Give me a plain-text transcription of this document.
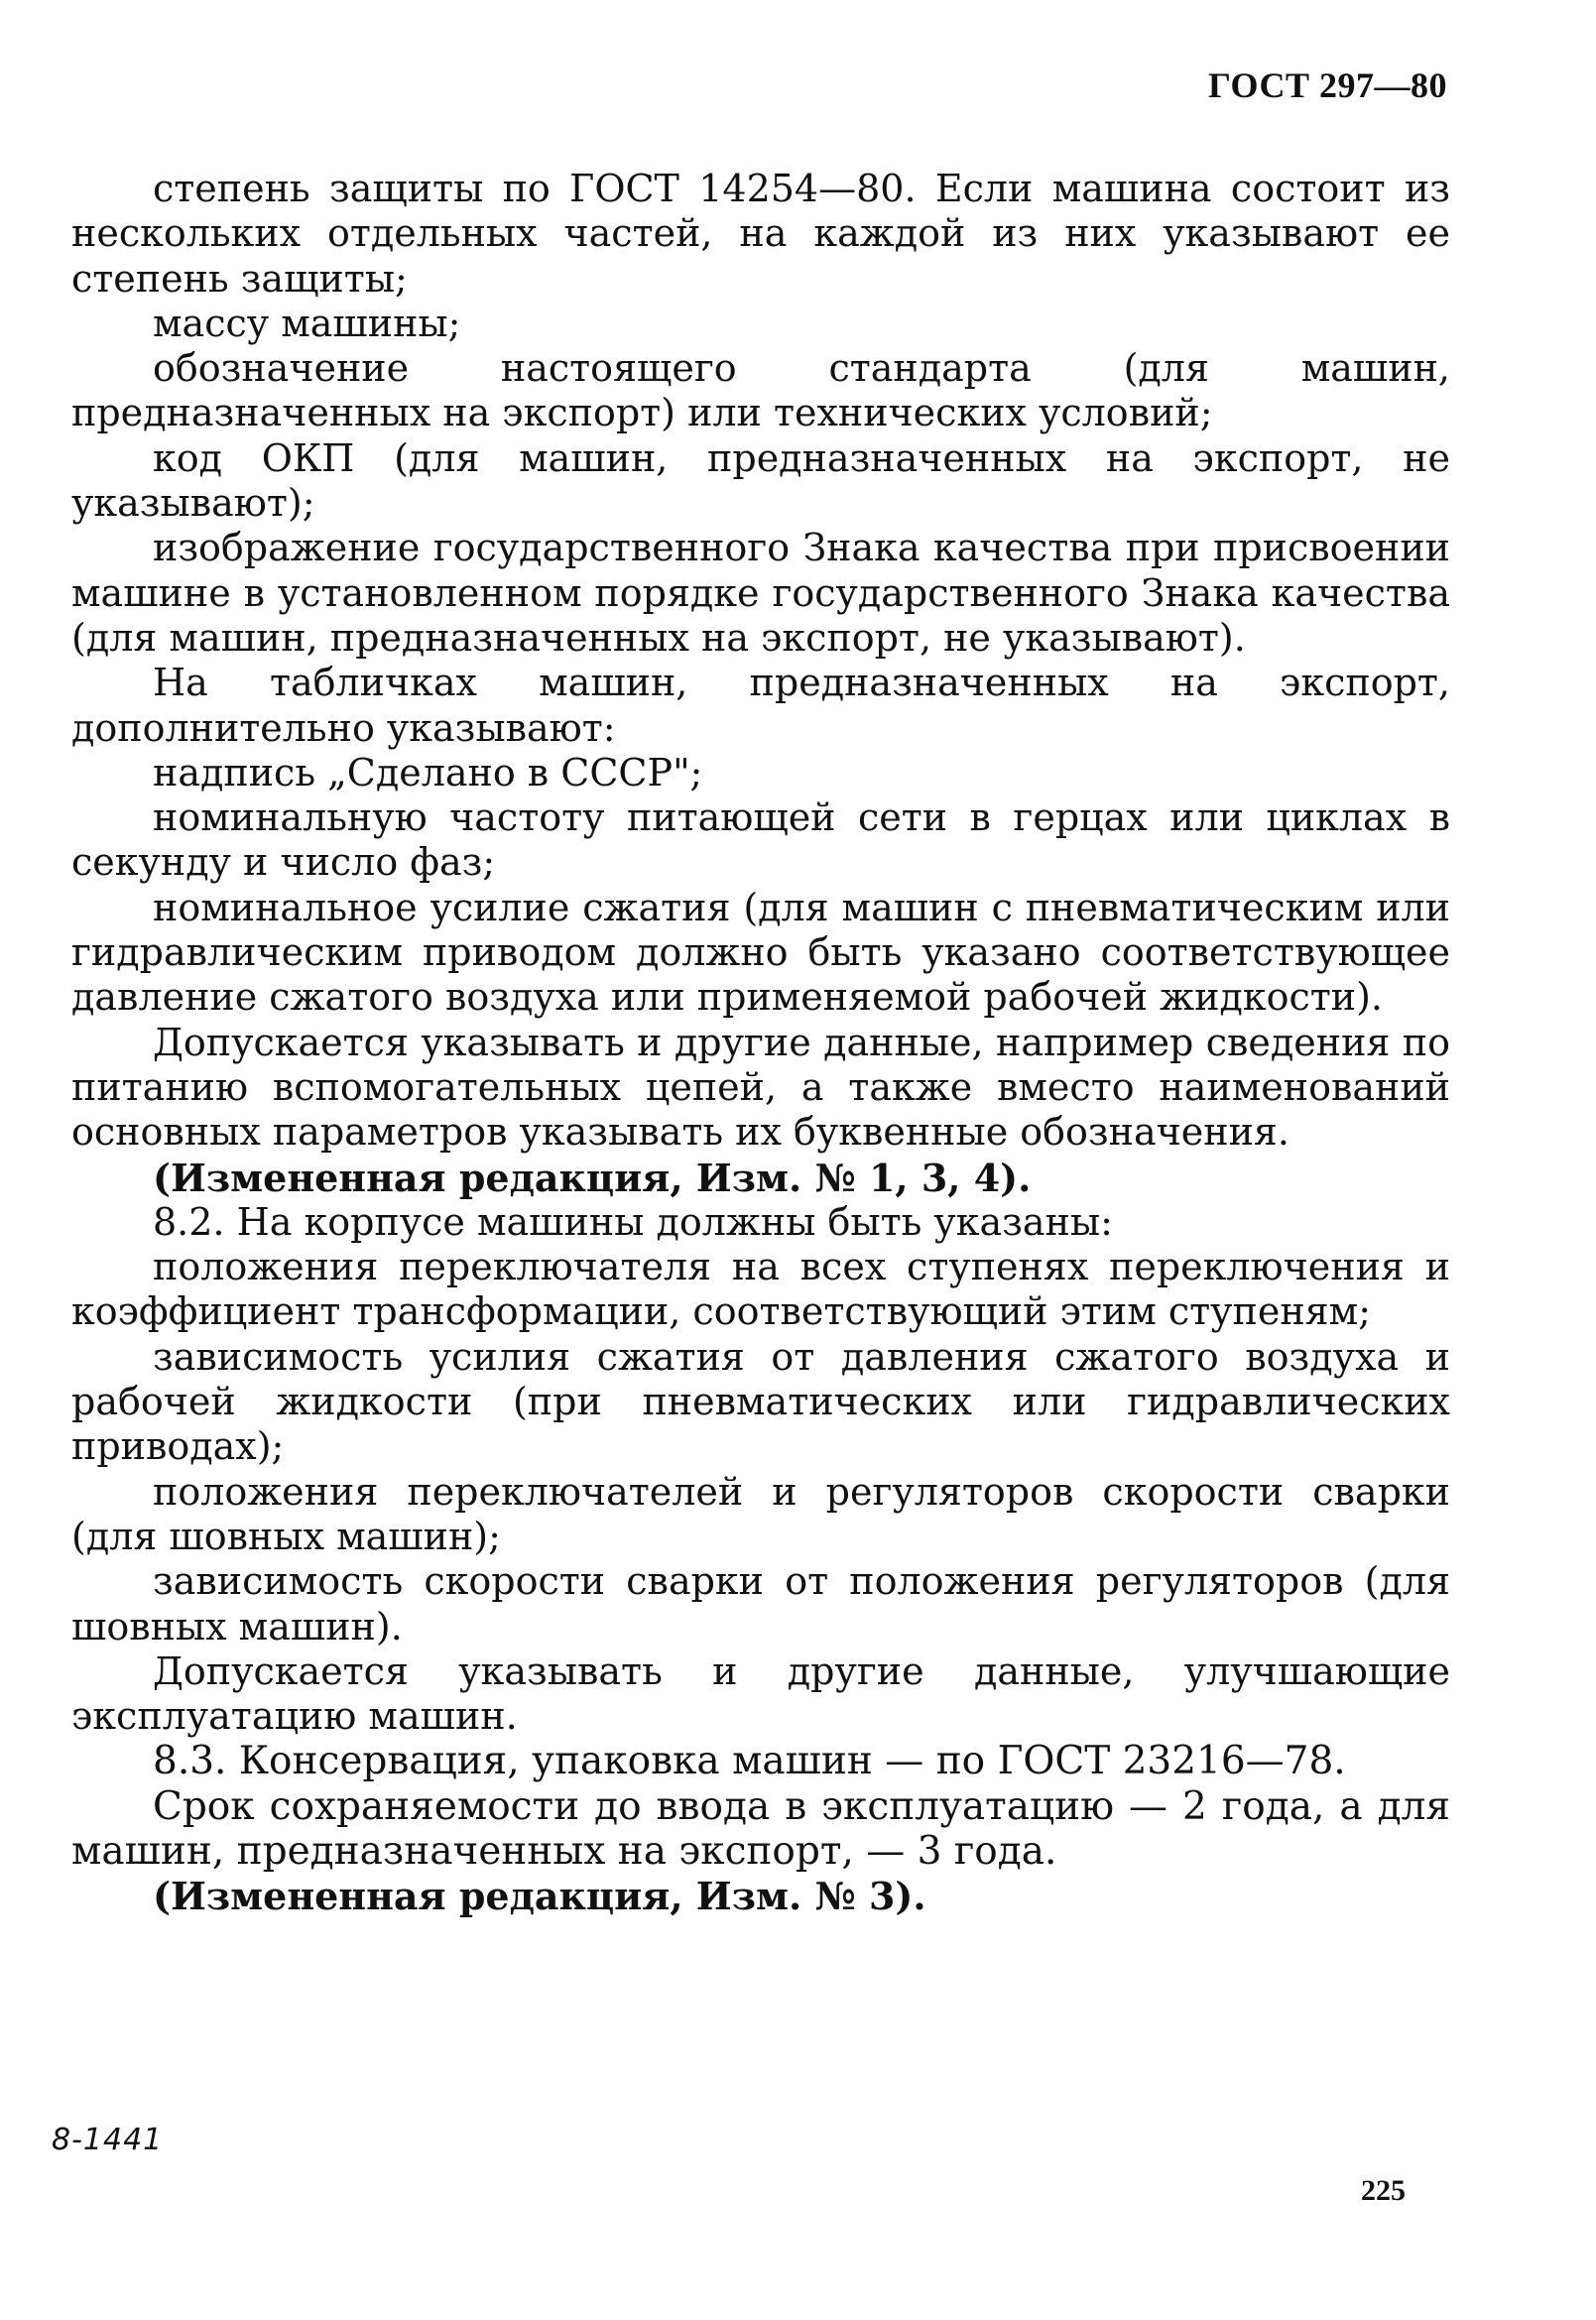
ГОСТ 297—80

степень защиты по ГОСТ 14254—80. Если машина состоит из нескольких отдельных частей, на каждой из них указывают ее степень защиты;

массу машины;

обозначение настоящего стандарта (для машин, предназначенных на экспорт) или технических условий;

код ОКП (для машин, предназначенных на экспорт, не указывают);

изображение государственного Знака качества при присвоении машине в установленном порядке государственного Знака качества (для машин, предназначенных на экспорт, не указывают).

На табличках машин, предназначенных на экспорт, дополнительно указывают:

надпись „Сделано в СССР";

номинальную частоту питающей сети в герцах или циклах в секунду и число фаз;

номинальное усилие сжатия (для машин с пневматическим или гидравлическим приводом должно быть указано соответствующее давление сжатого воздуха или применяемой рабочей жидкости).

Допускается указывать и другие данные, например сведения по питанию вспомогательных цепей, а также вместо наименований основных параметров указывать их буквенные обозначения.

(Измененная редакция, Изм. № 1, 3, 4).

8.2. На корпусе машины должны быть указаны:

положения переключателя на всех ступенях переключения и коэффициент трансформации, соответствующий этим ступеням;

зависимость усилия сжатия от давления сжатого воздуха и рабочей жидкости (при пневматических или гидравлических приводах);

положения переключателей и регуляторов скорости сварки (для шовных машин);

зависимость скорости сварки от положения регуляторов (для шовных машин).

Допускается указывать и другие данные, улучшающие эксплуатацию машин.

8.3. Консервация, упаковка машин — по ГОСТ 23216—78.

Срок сохраняемости до ввода в эксплуатацию — 2 года, а для машин, предназначенных на экспорт, — 3 года.

(Измененная редакция, Изм. № 3).

8-1441
225
